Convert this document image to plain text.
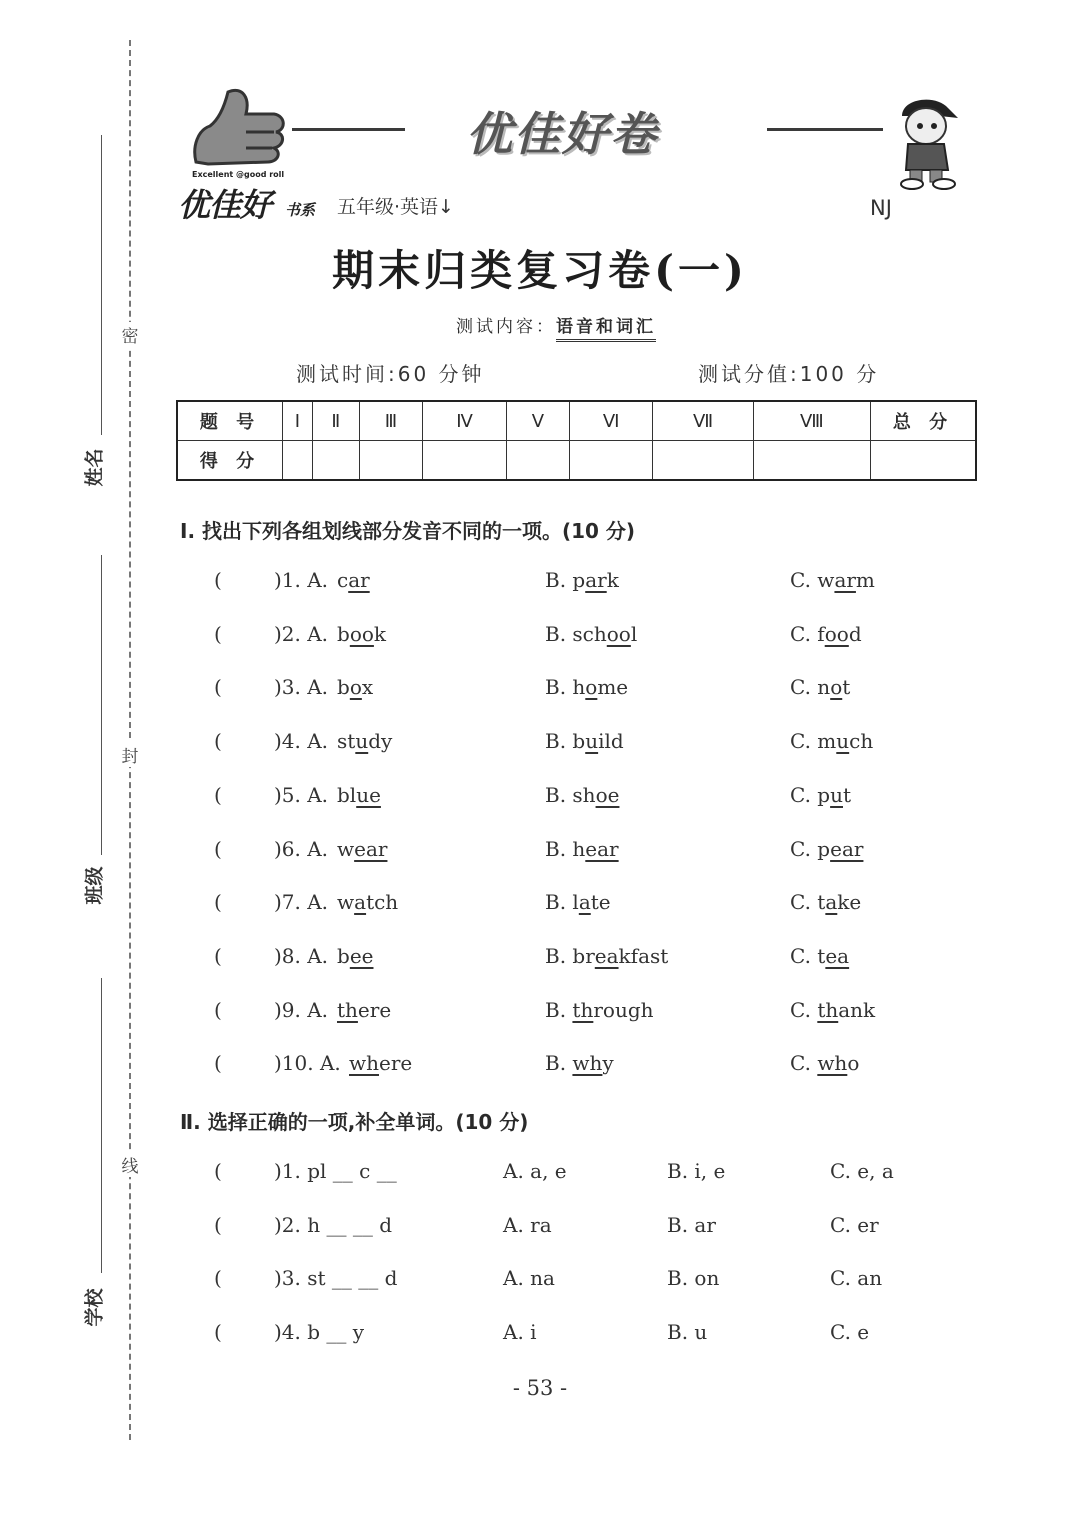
密
封
线
姓名
班级
学校
Excellent @good roll
优佳好 书系 五年级·英语↓
优佳好卷
NJ
期末归类复习卷(一)
测试内容：语音和词汇
测试时间:60 分钟	测试分值:100 分
题 号	Ⅰ	Ⅱ	Ⅲ	Ⅳ	Ⅴ	Ⅵ	Ⅶ	Ⅷ	总 分
得 分									
Ⅰ. 找出下列各组划线部分发音不同的一项。(10 分)
(	)1. A. car	B. park	C. warm
(	)2. A. book	B. school	C. food
(	)3. A. box	B. home	C. not
(	)4. A. study	B. build	C. much
(	)5. A. blue	B. shoe	C. put
(	)6. A. wear	B. hear	C. pear
(	)7. A. watch	B. late	C. take
(	)8. A. bee	B. breakfast	C. tea
(	)9. A. there	B. through	C. thank
(	)10. A. where	B. why	C. who
Ⅱ. 选择正确的一项,补全单词。(10 分)
(	)1. pl __ c __	A. a, e	B. i, e	C. e, a
(	)2. h __ __ d	A. ra	B. ar	C. er
(	)3. st __ __ d	A. na	B. on	C. an
(	)4. b __ y	A. i	B. u	C. e
- 53 -
